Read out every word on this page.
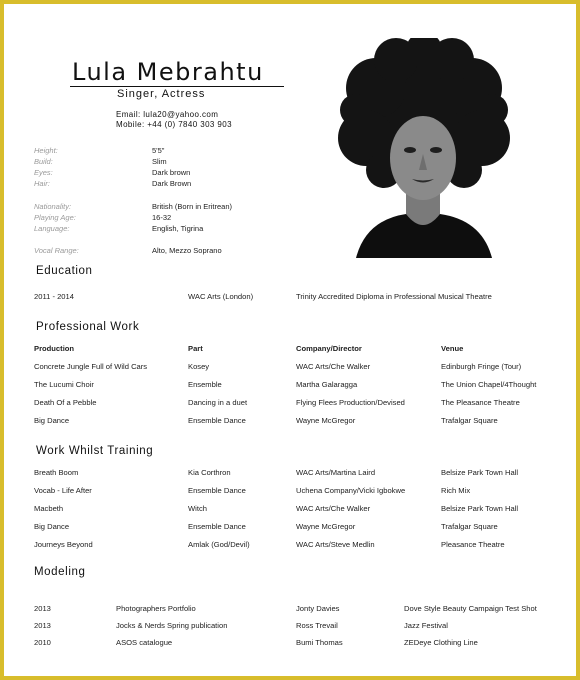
Lula Mebrahtu
Singer, Actress
Email: lula20@yahoo.com
Mobile: +44 (0) 7840 303 903
Height:	5'5"
Build:	Slim
Eyes:	Dark brown
Hair:	Dark Brown
Nationality:	British (Born in Eritrean)
Playing Age:	16-32
Language:	English, Tigrina
Vocal Range:	Alto, Mezzo Soprano
Education
2011 - 2014	WAC Arts (London)	Trinity Accredited Diploma in Professional Musical Theatre
Professional Work
Production	Part	Company/Director	Venue
Concrete Jungle Full of Wild Cars	Kosey	WAC Arts/Che Walker	Edinburgh Fringe (Tour)
The Lucumi Choir	Ensemble	Martha Galaragga	The Union Chapel/4Thought
Death Of a Pebble	Dancing in a duet	Flying Flees Production/Devised	The Pleasance Theatre
Big Dance	Ensemble Dance	Wayne McGregor	Trafalgar Square
Work Whilst Training
Breath Boom	Kia Corthron	WAC Arts/Martina Laird	Belsize Park Town Hall
Vocab - Life After	Ensemble Dance	Uchena Company/Vicki Igbokwe	Rich Mix
Macbeth	Witch	WAC Arts/Che Walker	Belsize Park Town Hall
Big Dance	Ensemble Dance	Wayne McGregor	Trafalgar Square
Journeys Beyond	Amlak (God/Devil)	WAC Arts/Steve Medlin	Pleasance Theatre
Modeling
2013	Photographers Portfolio	Jonty Davies	Dove Style Beauty Campaign Test Shot
2013	Jocks & Nerds Spring publication	Ross Trevail	Jazz Festival
2010	ASOS catalogue	Bumi Thomas	ZEDeye Clothing Line
